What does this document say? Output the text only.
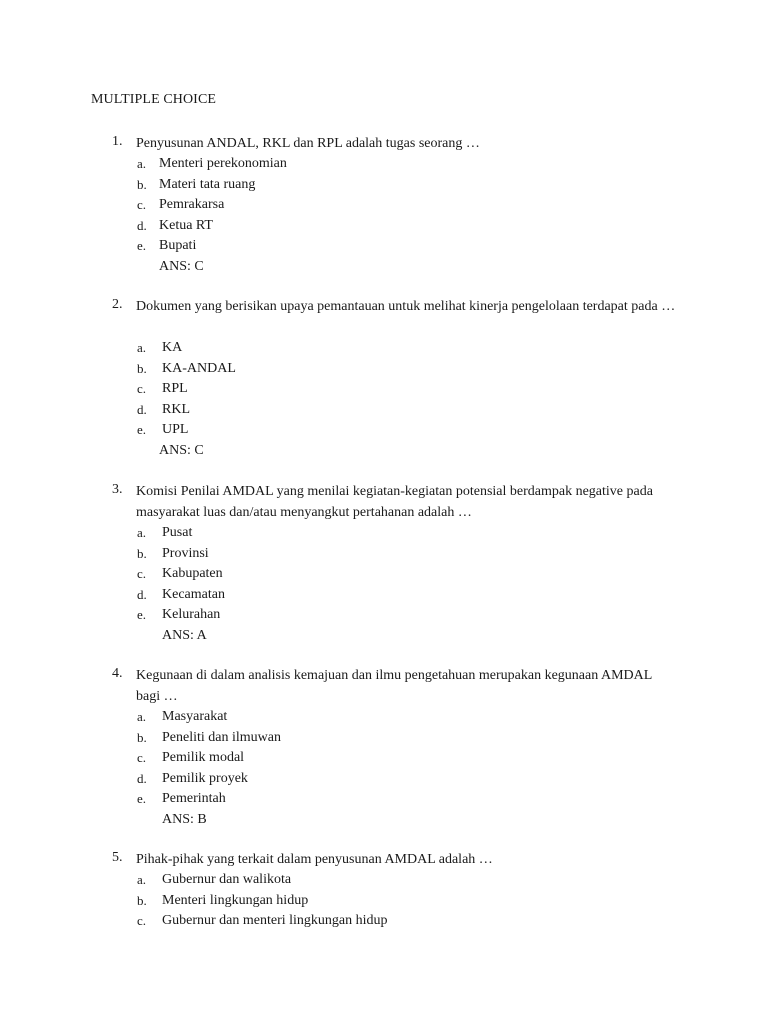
MULTIPLE CHOICE
1. Penyusunan ANDAL, RKL dan RPL adalah tugas seorang …
a. Menteri perekonomian
b. Materi tata ruang
c. Pemrakarsa
d. Ketua RT
e. Bupati
ANS: C
2. Dokumen yang berisikan upaya pemantauan untuk melihat kinerja pengelolaan terdapat pada …
a. KA
b. KA-ANDAL
c. RPL
d. RKL
e. UPL
ANS: C
3. Komisi Penilai AMDAL yang menilai kegiatan-kegiatan potensial berdampak negative pada masyarakat luas dan/atau menyangkut pertahanan adalah …
a. Pusat
b. Provinsi
c. Kabupaten
d. Kecamatan
e. Kelurahan
ANS: A
4. Kegunaan di dalam analisis kemajuan dan ilmu pengetahuan merupakan kegunaan AMDAL bagi …
a. Masyarakat
b. Peneliti dan ilmuwan
c. Pemilik modal
d. Pemilik proyek
e. Pemerintah
ANS: B
5. Pihak-pihak yang terkait dalam penyusunan AMDAL adalah …
a. Gubernur dan walikota
b. Menteri lingkungan hidup
c. Gubernur dan menteri lingkungan hidup
